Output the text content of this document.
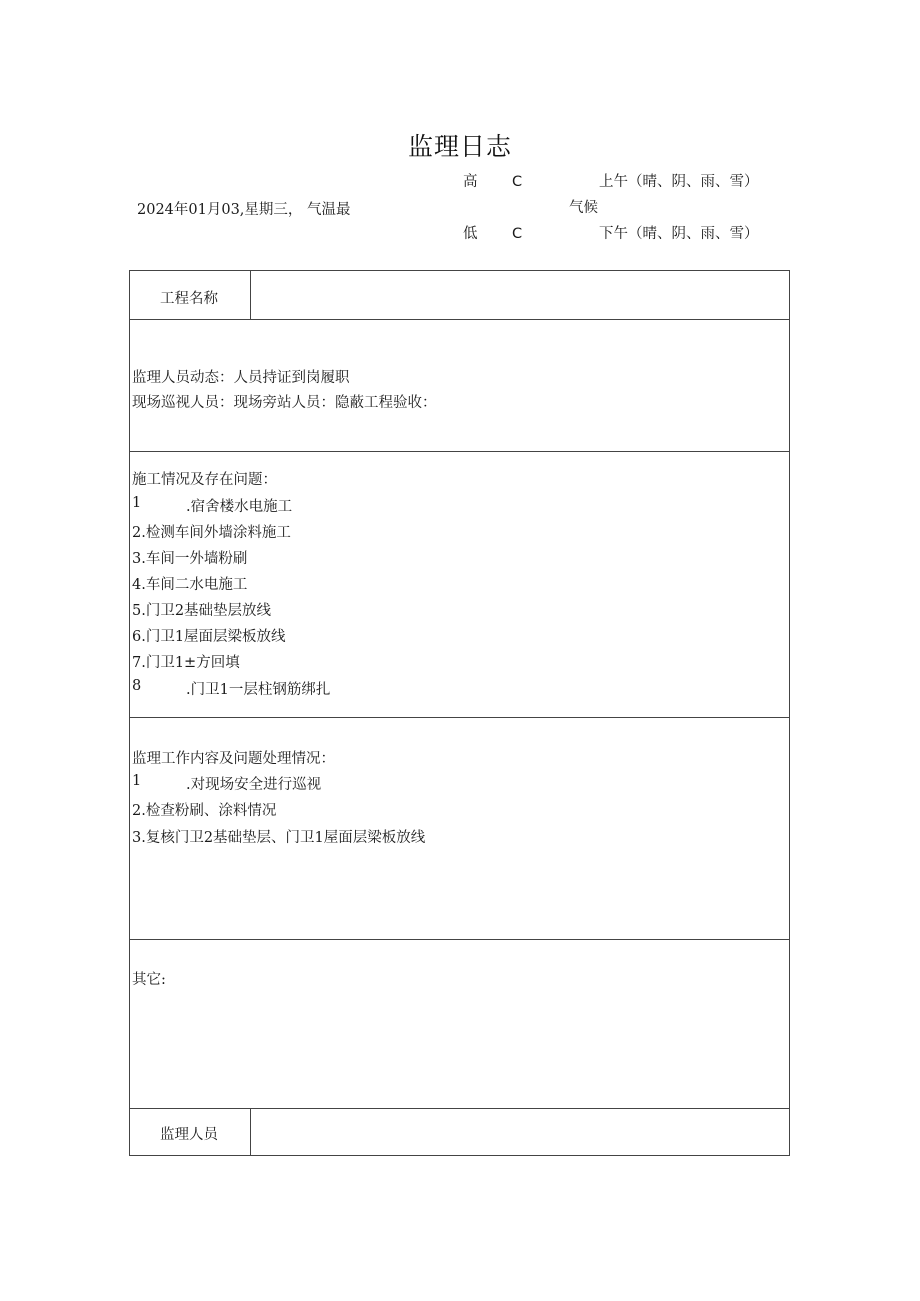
监理日志
2024年01月03,星期三， 气温最
高 C
低 C
气候
上午（晴、阴、雨、雪）
下午（晴、阴、雨、雪）
工程名称
监理人员动态：人员持证到岗履职
现场巡视人员：现场旁站人员：隐蔽工程验收：
施工情况及存在问题：
1	.宿舍楼水电施工
2.检测车间外墙涂料施工
3.车间一外墙粉刷
4.车间二水电施工
5.门卫2基础垫层放线
6.门卫1屋面层梁板放线
7.门卫1±方回填
8	.门卫1一层柱钢筋绑扎
监理工作内容及问题处理情况：
1	.对现场安全进行巡视
2.检查粉刷、涂料情况
3.复核门卫2基础垫层、门卫1屋面层梁板放线
其它:
监理人员
